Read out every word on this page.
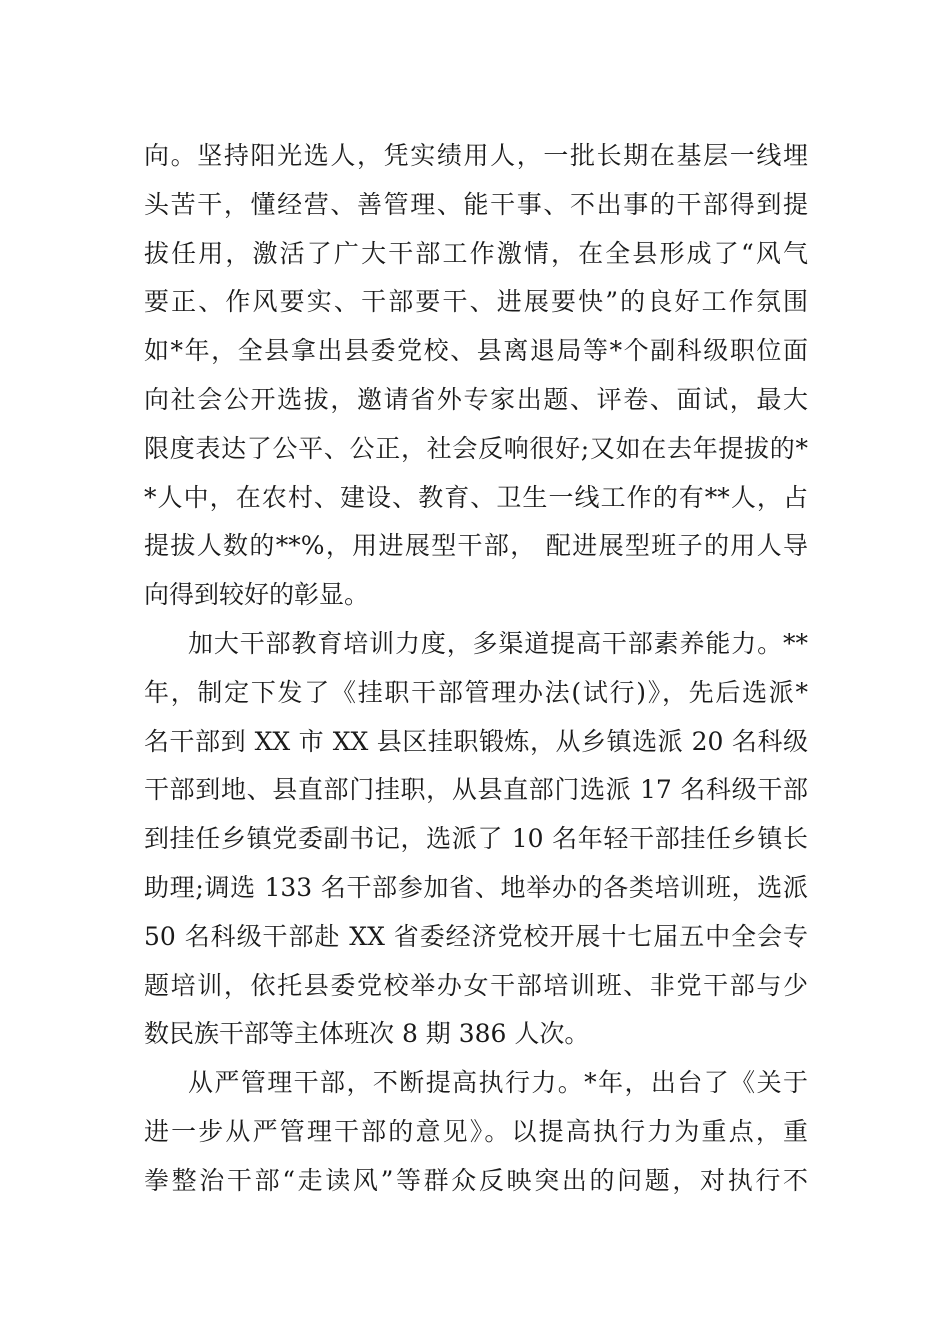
向。坚持阳光选人，凭实绩用人，一批长期在基层一线埋
头苦干，懂经营、善管理、能干事、不出事的干部得到提
拔任用，激活了广大干部工作激情，在全县形成了“风气
要正、作风要实、干部要干、进展要快”的良好工作氛围
如*年，全县拿出县委党校、县离退局等*个副科级职位面
向社会公开选拔，邀请省外专家出题、评卷、面试，最大
限度表达了公平、公正，社会反响很好;又如在去年提拔的*
*人中，在农村、建设、教育、卫生一线工作的有**人，占
提拔人数的**%，用进展型干部， 配进展型班子的用人导
向得到较好的彰显。
加大干部教育培训力度，多渠道提高干部素养能力。**
年，制定下发了《挂职干部管理办法(试行)》，先后选派*
名干部到 XX 市 XX 县区挂职锻炼，从乡镇选派 20 名科级
干部到地、县直部门挂职，从县直部门选派 17 名科级干部
到挂任乡镇党委副书记，选派了 10 名年轻干部挂任乡镇长
助理;调选 133 名干部参加省、地举办的各类培训班，选派
50 名科级干部赴 XX 省委经济党校开展十七届五中全会专
题培训，依托县委党校举办女干部培训班、非党干部与少
数民族干部等主体班次 8 期 386 人次。
从严管理干部，不断提高执行力。*年，出台了《关于
进一步从严管理干部的意见》。以提高执行力为重点，重
拳整治干部“走读风”等群众反映突出的问题，对执行不
